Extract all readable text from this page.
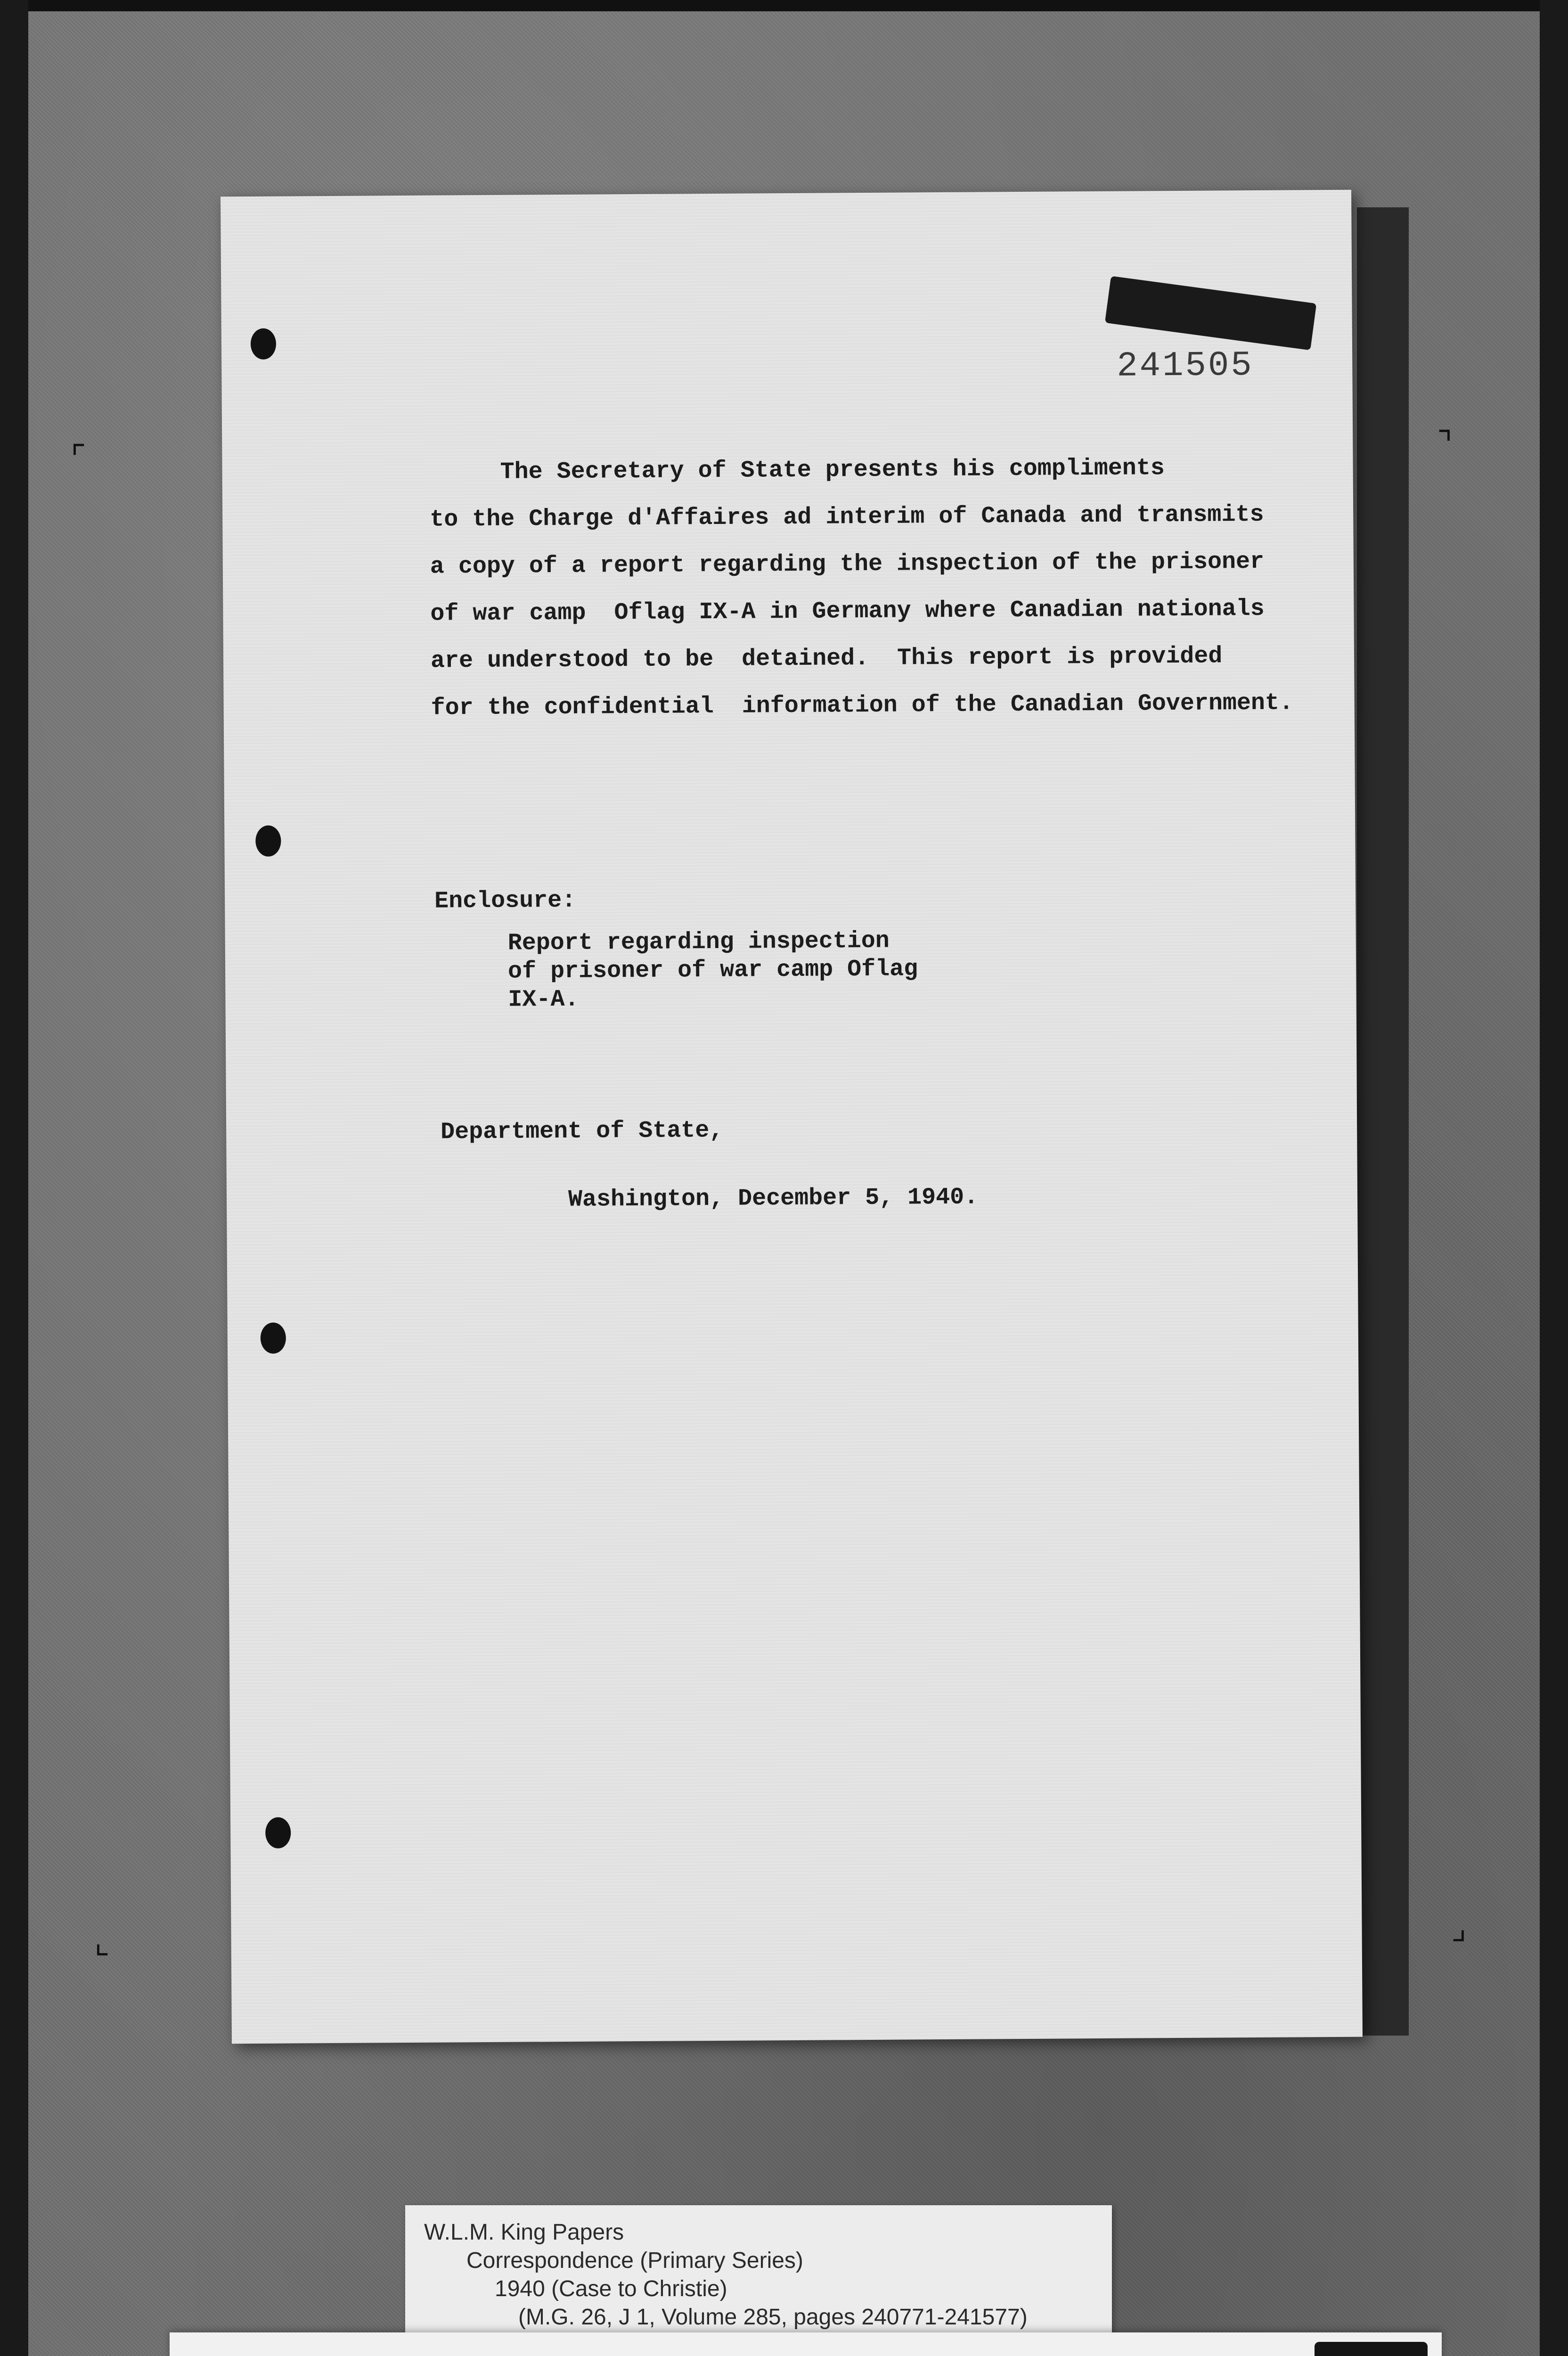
⌜	⌝
⌞	⌟
241505
The Secretary of State presents his compliments
to the Charge d'Affaires ad interim of Canada and transmits
a copy of a report regarding the inspection of the prisoner
of war camp  Oflag IX-A in Germany where Canadian nationals
are understood to be  detained.  This report is provided
for the confidential  information of the Canadian Government.
Enclosure:
Report regarding inspection
of prisoner of war camp Oflag
IX-A.
Department of State,
Washington, December 5, 1940.
W.L.M. King Papers
Correspondence (Primary Series)
1940 (Case to Christie)
(M.G. 26, J 1, Volume 285, pages 240771-241577)
